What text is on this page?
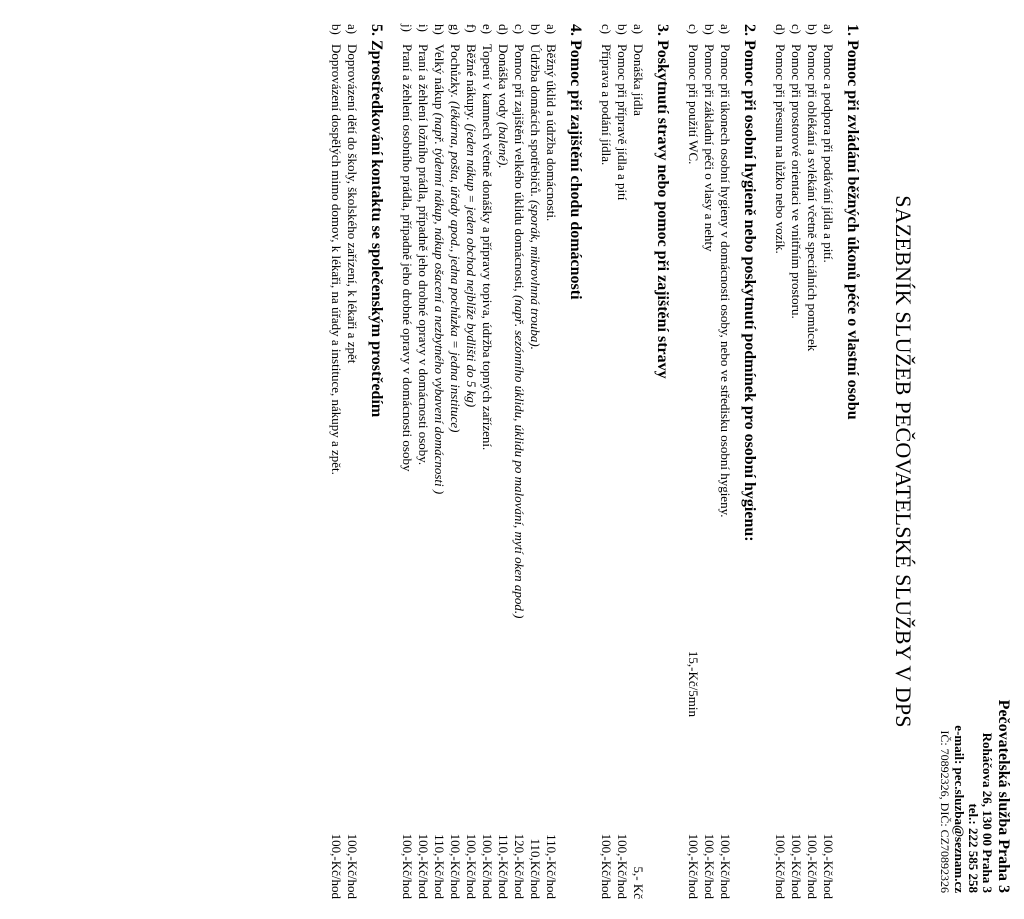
Pečovatelská služba Praha 3
Roháčova 26, 130 00 Praha 3
tel.: 222 585 258
e-mail: pec.sluzba@seznam.cz
IČ: 70892326, DIČ: CZ70892326
SAZEBNÍK SLUŽEB PEČOVATELSKÉ SLUŽBY V DPS
1. Pomoc při zvládání běžných úkonů péče o vlastní osobu
a)
Pomoc a podpora při podávání jídla a pití.
100,-Kč/hod
b)
Pomoc při oblékání a svlékání včetně speciálních pomůcek
100,-Kč/hod
c)
Pomoc při prostorové orientaci ve vnitřním prostoru.
100,-Kč/hod
d)
Pomoc při přesunu na lůžko nebo vozík.
100,-Kč/hod
2. Pomoc při osobní hygieně nebo poskytnutí podmínek pro osobní hygienu:
a)
Pomoc při úkonech osobní hygieny v domácnosti osoby, nebo ve středisku osobní hygieny.
100,-Kč/hod
b)
Pomoc při základní péči o vlasy a nehty
100,-Kč/hod
c)
Pomoc při použití WC.
15,-Kč/5min
100,-Kč/hod
3. Poskytnutí stravy nebo pomoc při zajištění stravy
a)
Donáška jídla
5,- Kč
b)
Pomoc při přípravě jídla a pití
100,-Kč/hod
c)
Příprava a podání jídla.
100,-Kč/hod
4. Pomoc při zajištění chodu domácnosti
a)
Běžný úklid a údržba domácnosti.
110,-Kč/hod
b)
Údržba domácích spotřebičů. (sporák, mikrovlnná trouba).
110,Kč/hod
c)
Pomoc při zajištění velkého úklidu domácnosti, (např. sezónního úklidu, úklidu po malování, mytí oken apod.)
120,-Kč/hod
d)
Donáška vody (balené).
110,-Kč/hod
e)
Topení v kamnech včetně donášky a přípravy topiva, údržba topných zařízení.
100,-Kč/hod
f)
Běžné nákupy. (jeden nákup = jeden obchod nejblíže bydlišti do 5 kg)
100,-Kč/hod
g)
Pochůzky. (lékárna, pošta, úřady apod., jedna pochůzka = jedna instituce)
100,-Kč/hod
h)
Velký nákup (např. týdenní nákup, nákup ošacení a nezbytného vybavení domácnosti )
110,-Kč/hod
i)
Praní a žehlení ložního prádla, případně jeho drobné opravy v domácnosti osoby.
100,-Kč/hod
j)
Praní a žehlení osobního prádla, případně jeho drobné opravy v domácnosti osoby
100,-Kč/hod
5. Zprostředkování kontaktu se společenským prostředím
a)
Doprovázení dětí do školy, školského zařízení, k lékaři a zpět
100,-Kč/hod
b)
Doprovázení dospělých mimo domov, k lékaři, na úřady a instituce, nákupy a zpět.
100,-Kč/hod
